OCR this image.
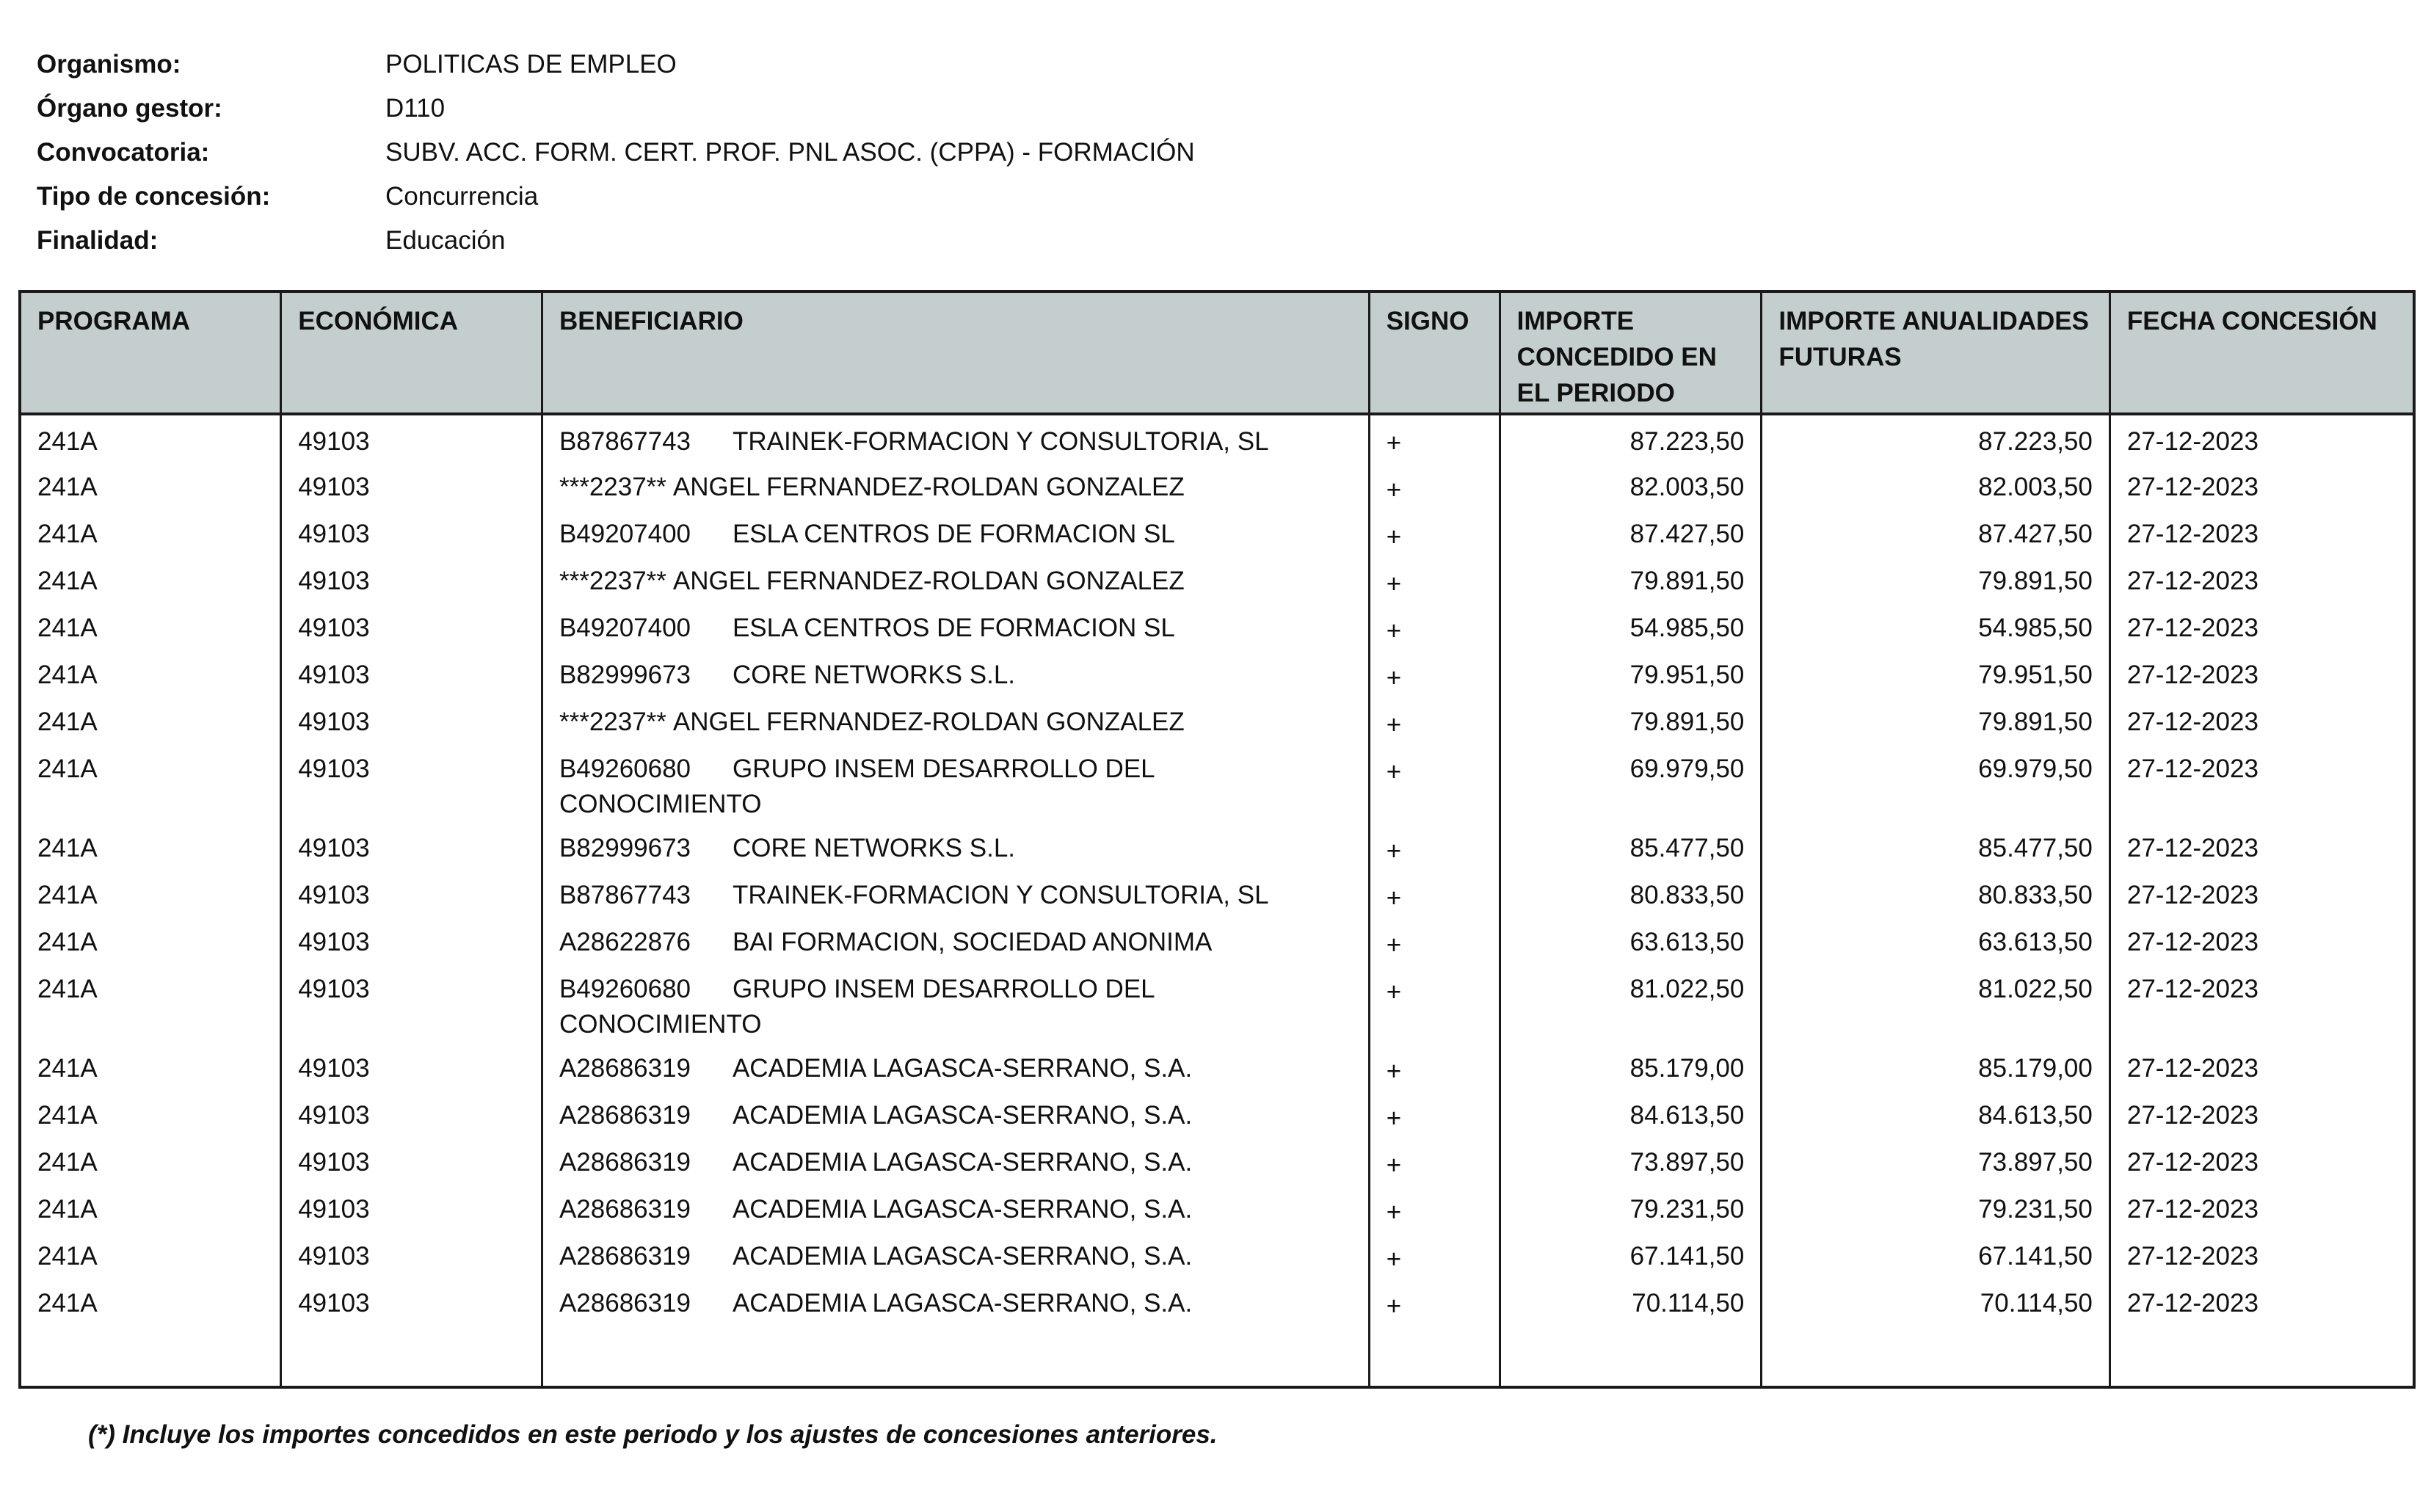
Organismo:	POLITICAS DE EMPLEO
Órgano gestor:	D110
Convocatoria:	SUBV. ACC. FORM. CERT. PROF. PNL ASOC. (CPPA) - FORMACIÓN
Tipo de concesión:	Concurrencia
Finalidad:	Educación
PROGRAMA	ECONÓMICA	BENEFICIARIO	SIGNO	IMPORTE CONCEDIDO EN EL PERIODO	IMPORTE ANUALIDADES FUTURAS	FECHA CONCESIÓN
241A	49103	B87867743 TRAINEK-FORMACION Y CONSULTORIA, SL	+	87.223,50	87.223,50	27-12-2023
241A	49103	***2237** ANGEL FERNANDEZ-ROLDAN GONZALEZ	+	82.003,50	82.003,50	27-12-2023
241A	49103	B49207400 ESLA CENTROS DE FORMACION SL	+	87.427,50	87.427,50	27-12-2023
241A	49103	***2237** ANGEL FERNANDEZ-ROLDAN GONZALEZ	+	79.891,50	79.891,50	27-12-2023
241A	49103	B49207400 ESLA CENTROS DE FORMACION SL	+	54.985,50	54.985,50	27-12-2023
241A	49103	B82999673 CORE NETWORKS S.L.	+	79.951,50	79.951,50	27-12-2023
241A	49103	***2237** ANGEL FERNANDEZ-ROLDAN GONZALEZ	+	79.891,50	79.891,50	27-12-2023
241A	49103	B49260680 GRUPO INSEM DESARROLLO DEL CONOCIMIENTO	+	69.979,50	69.979,50	27-12-2023
241A	49103	B82999673 CORE NETWORKS S.L.	+	85.477,50	85.477,50	27-12-2023
241A	49103	B87867743 TRAINEK-FORMACION Y CONSULTORIA, SL	+	80.833,50	80.833,50	27-12-2023
241A	49103	A28622876 BAI FORMACION, SOCIEDAD ANONIMA	+	63.613,50	63.613,50	27-12-2023
241A	49103	B49260680 GRUPO INSEM DESARROLLO DEL CONOCIMIENTO	+	81.022,50	81.022,50	27-12-2023
241A	49103	A28686319 ACADEMIA LAGASCA-SERRANO, S.A.	+	85.179,00	85.179,00	27-12-2023
241A	49103	A28686319 ACADEMIA LAGASCA-SERRANO, S.A.	+	84.613,50	84.613,50	27-12-2023
241A	49103	A28686319 ACADEMIA LAGASCA-SERRANO, S.A.	+	73.897,50	73.897,50	27-12-2023
241A	49103	A28686319 ACADEMIA LAGASCA-SERRANO, S.A.	+	79.231,50	79.231,50	27-12-2023
241A	49103	A28686319 ACADEMIA LAGASCA-SERRANO, S.A.	+	67.141,50	67.141,50	27-12-2023
241A	49103	A28686319 ACADEMIA LAGASCA-SERRANO, S.A.	+	70.114,50	70.114,50	27-12-2023

(*) Incluye los importes concedidos en este periodo y los ajustes de concesiones anteriores.
